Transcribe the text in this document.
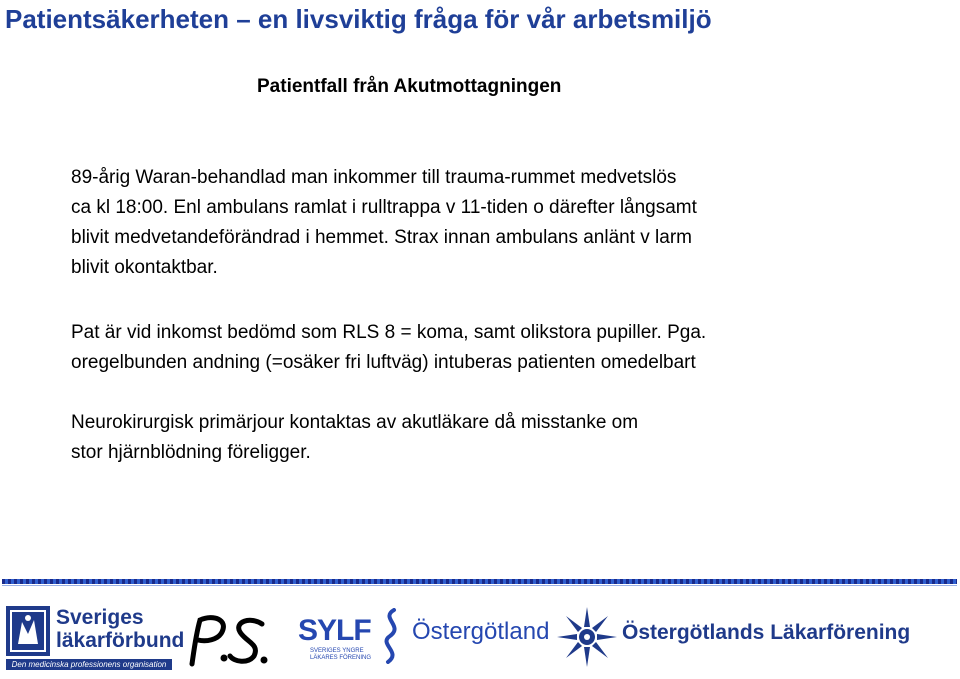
Patientsäkerheten – en livsviktig fråga för vår arbetsmiljö
Patientfall från Akutmottagningen
89-årig Waran-behandlad man inkommer till trauma-rummet medvetslös
ca kl 18:00. Enl ambulans ramlat i rulltrappa v 11-tiden o därefter långsamt
blivit medvetandeförändrad i hemmet. Strax innan ambulans anlänt v larm
blivit okontaktbar.
Pat är vid inkomst bedömd som RLS 8 = koma, samt olikstora pupiller. Pga.
oregelbunden andning (=osäker fri luftväg) intuberas patienten omedelbart
Neurokirurgisk primärjour kontaktas av akutläkare då misstanke om
stor hjärnblödning föreligger.
Sveriges
läkarförbund
Den medicinska professionens organisation
SYLF
SVERIGES YNGRE LÄKARES FÖRENING
Östergötland	Östergötlands Läkarförening
